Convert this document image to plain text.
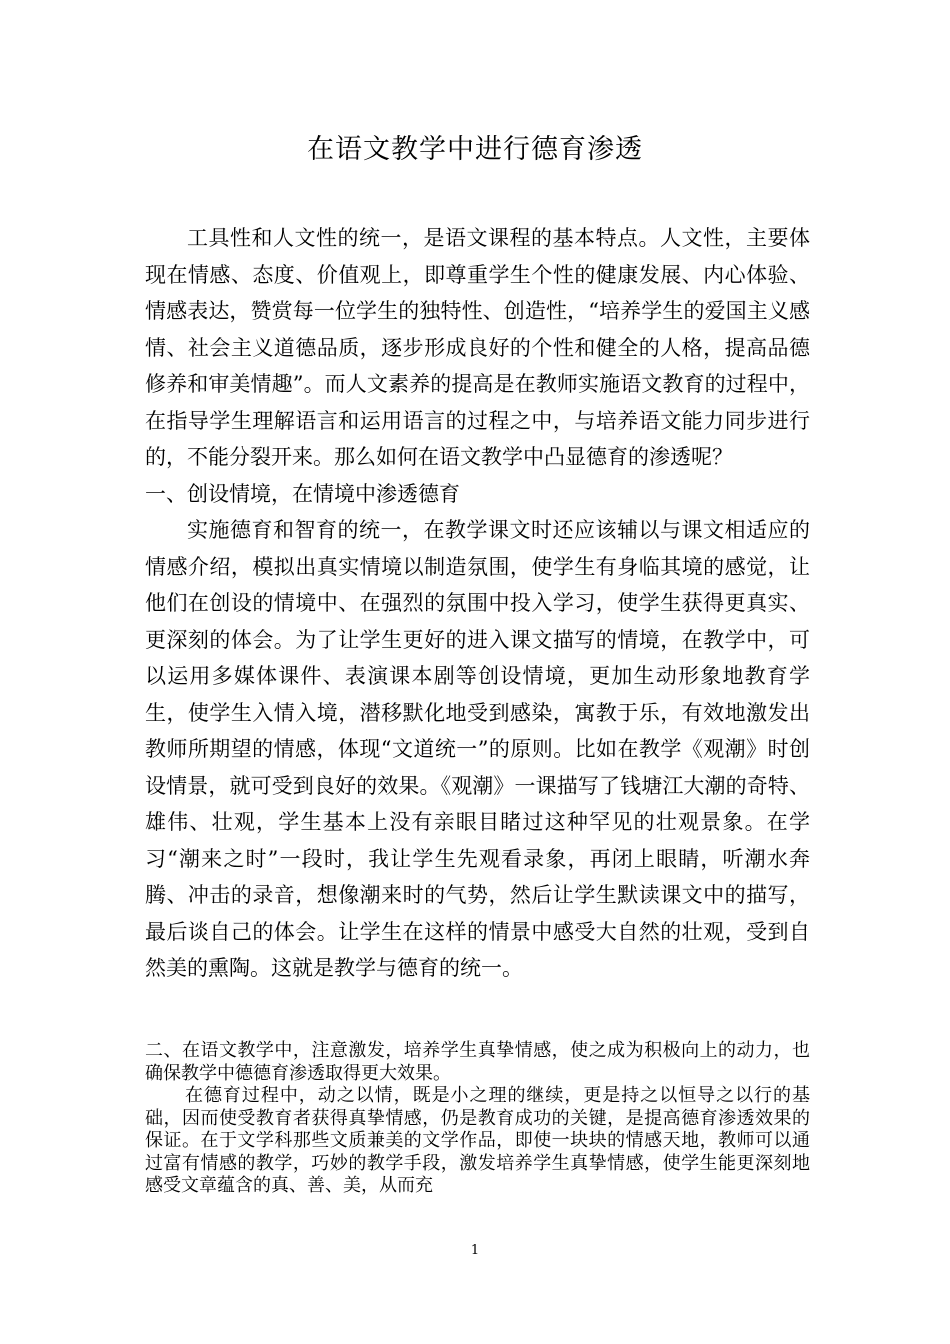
在语文教学中进行德育渗透

工具性和人文性的统一，是语文课程的基本特点。人文性，主要体现在情感、态度、价值观上，即尊重学生个性的健康发展、内心体验、情感表达，赞赏每一位学生的独特性、创造性，“培养学生的爱国主义感情、社会主义道德品质，逐步形成良好的个性和健全的人格，提高品德修养和审美情趣”。而人文素养的提高是在教师实施语文教育的过程中，在指导学生理解语言和运用语言的过程之中，与培养语文能力同步进行的，不能分裂开来。那么如何在语文教学中凸显德育的渗透呢？

一、创设情境，在情境中渗透德育

实施德育和智育的统一，在教学课文时还应该辅以与课文相适应的情感介绍，模拟出真实情境以制造氛围，使学生有身临其境的感觉，让他们在创设的情境中、在强烈的氛围中投入学习，使学生获得更真实、更深刻的体会。为了让学生更好的进入课文描写的情境，在教学中，可以运用多媒体课件、表演课本剧等创设情境，更加生动形象地教育学生，使学生入情入境，潜移默化地受到感染，寓教于乐，有效地激发出教师所期望的情感，体现“文道统一”的原则。比如在教学《观潮》时创设情景，就可受到良好的效果。《观潮》一课描写了钱塘江大潮的奇特、雄伟、壮观，学生基本上没有亲眼目睹过这种罕见的壮观景象。在学习“潮来之时”一段时，我让学生先观看录象，再闭上眼睛，听潮水奔腾、冲击的录音，想像潮来时的气势，然后让学生默读课文中的描写，最后谈自己的体会。让学生在这样的情景中感受大自然的壮观，受到自然美的熏陶。这就是教学与德育的统一。

二、在语文教学中，注意激发，培养学生真挚情感，使之成为积极向上的动力，也确保教学中德德育渗透取得更大效果。

在德育过程中，动之以情，既是小之理的继续，更是持之以恒导之以行的基础，因而使受教育者获得真挚情感，仍是教育成功的关键，是提高德育渗透效果的保证。在于文学科那些文质兼美的文学作品，即使一块块的情感天地，教师可以通过富有情感的教学，巧妙的教学手段，激发培养学生真挚情感，使学生能更深刻地感受文章蕴含的真、善、美，从而充

1
